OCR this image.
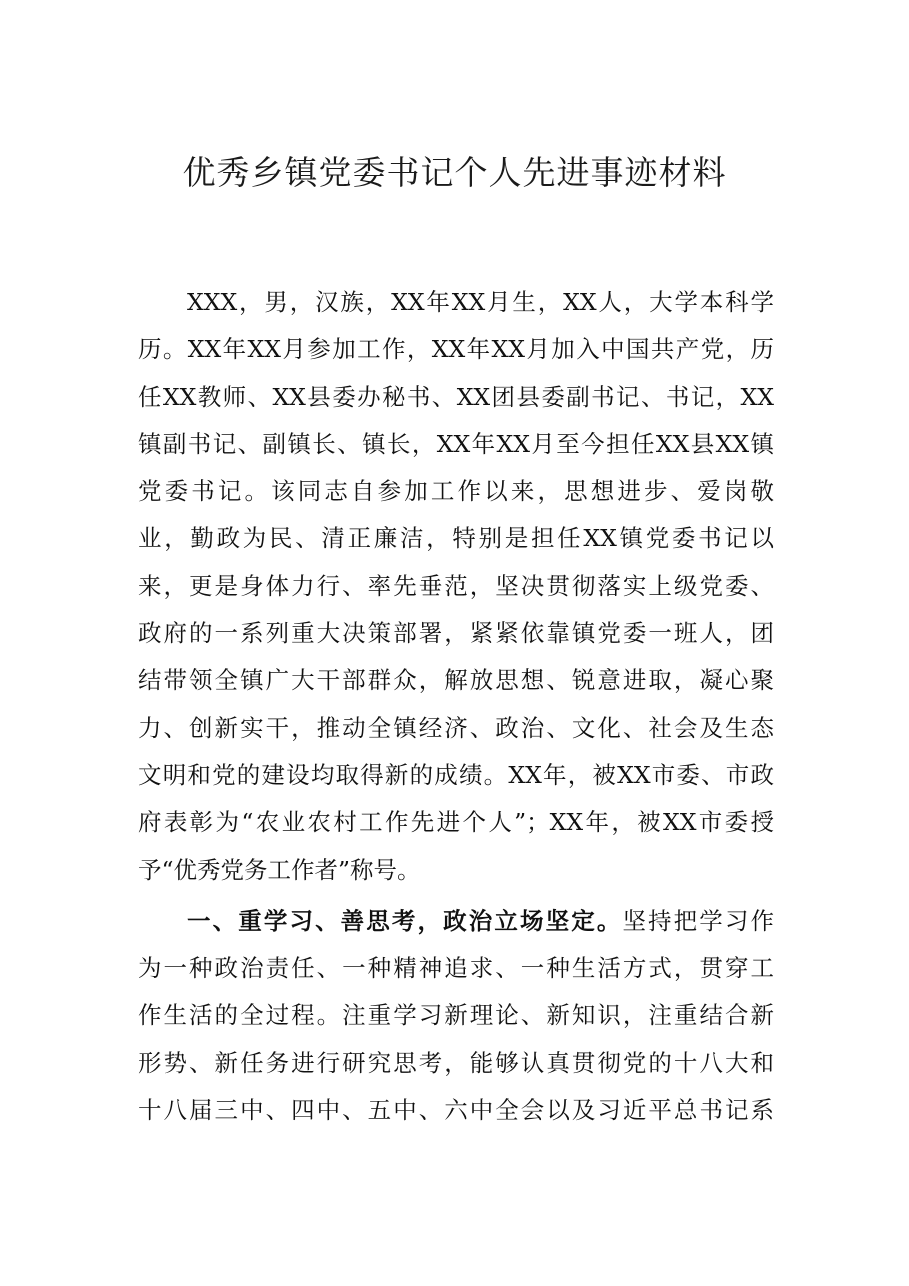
优秀乡镇党委书记个人先进事迹材料
XXX，男，汉族，XX年XX月生，XX人，大学本科学
历。XX年XX月参加工作，XX年XX月加入中国共产党，历
任XX教师、XX县委办秘书、XX团县委副书记、书记，XX
镇副书记、副镇长、镇长，XX年XX月至今担任XX县XX镇
党委书记。该同志自参加工作以来，思想进步、爱岗敬
业，勤政为民、清正廉洁，特别是担任XX镇党委书记以
来，更是身体力行、率先垂范，坚决贯彻落实上级党委、
政府的一系列重大决策部署，紧紧依靠镇党委一班人，团
结带领全镇广大干部群众，解放思想、锐意进取，凝心聚
力、创新实干，推动全镇经济、政治、文化、社会及生态
文明和党的建设均取得新的成绩。XX年，被XX市委、市政
府表彰为“农业农村工作先进个人”；XX年，被XX市委授
予“优秀党务工作者”称号。
一、重学习、善思考，政治立场坚定。坚持把学习作
为一种政治责任、一种精神追求、一种生活方式，贯穿工
作生活的全过程。注重学习新理论、新知识，注重结合新
形势、新任务进行研究思考，能够认真贯彻党的十八大和
十八届三中、四中、五中、六中全会以及习近平总书记系
